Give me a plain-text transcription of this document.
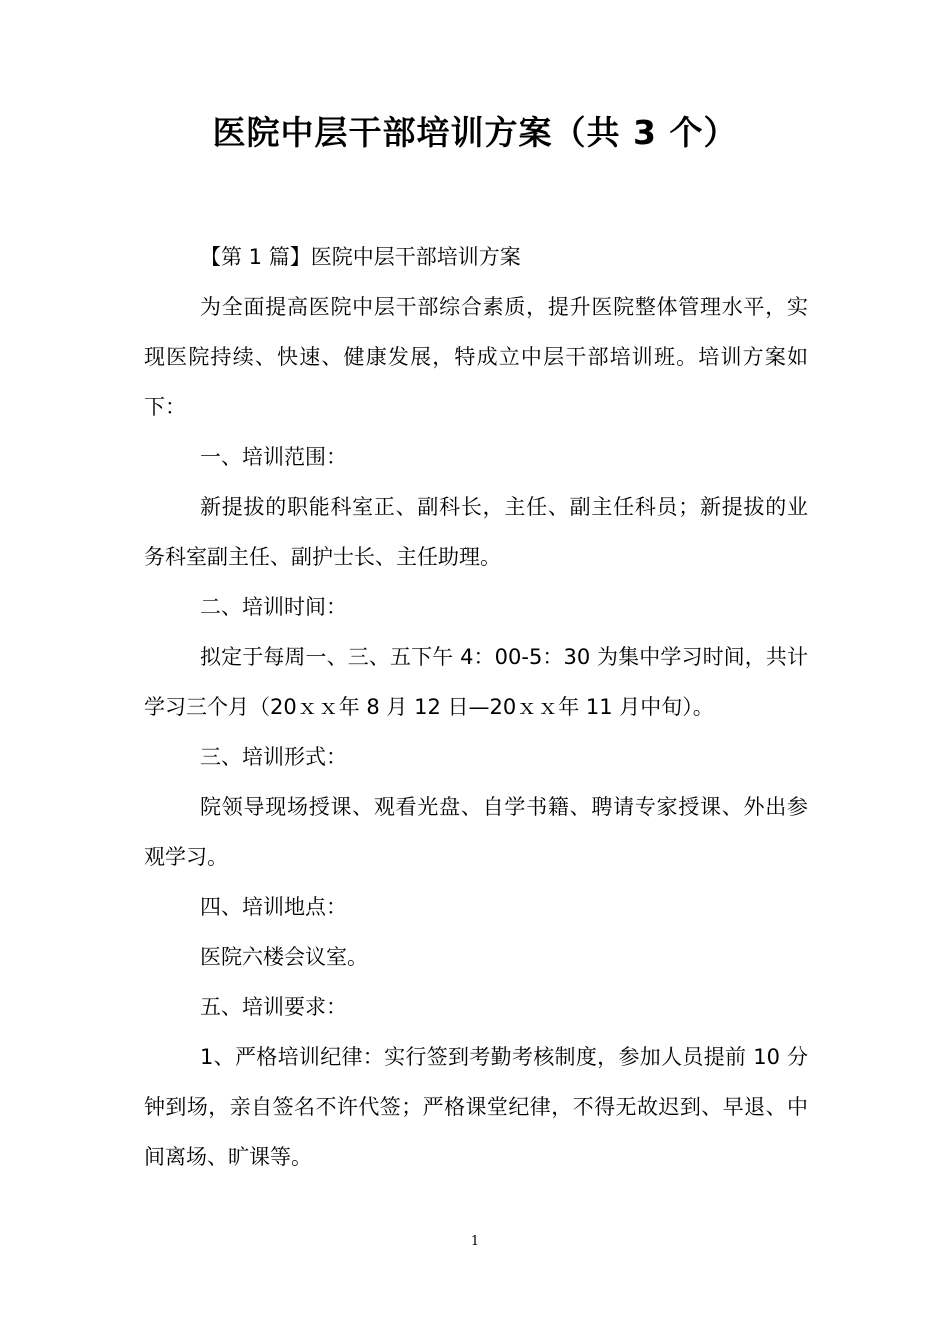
医院中层干部培训方案（共 3 个）

【第 1 篇】医院中层干部培训方案

为全面提高医院中层干部综合素质，提升医院整体管理水平，实现医院持续、快速、健康发展，特成立中层干部培训班。培训方案如下：

一、培训范围：

新提拔的职能科室正、副科长，主任、副主任科员；新提拔的业务科室副主任、副护士长、主任助理。

二、培训时间：

拟定于每周一、三、五下午 4：00-5：30 为集中学习时间，共计学习三个月（20ｘｘ年 8 月 12 日—20ｘｘ年 11 月中旬）。

三、培训形式：

院领导现场授课、观看光盘、自学书籍、聘请专家授课、外出参观学习。

四、培训地点：

医院六楼会议室。

五、培训要求：

1、严格培训纪律：实行签到考勤考核制度，参加人员提前 10 分钟到场，亲自签名不许代签；严格课堂纪律，不得无故迟到、早退、中间离场、旷课等。

1
